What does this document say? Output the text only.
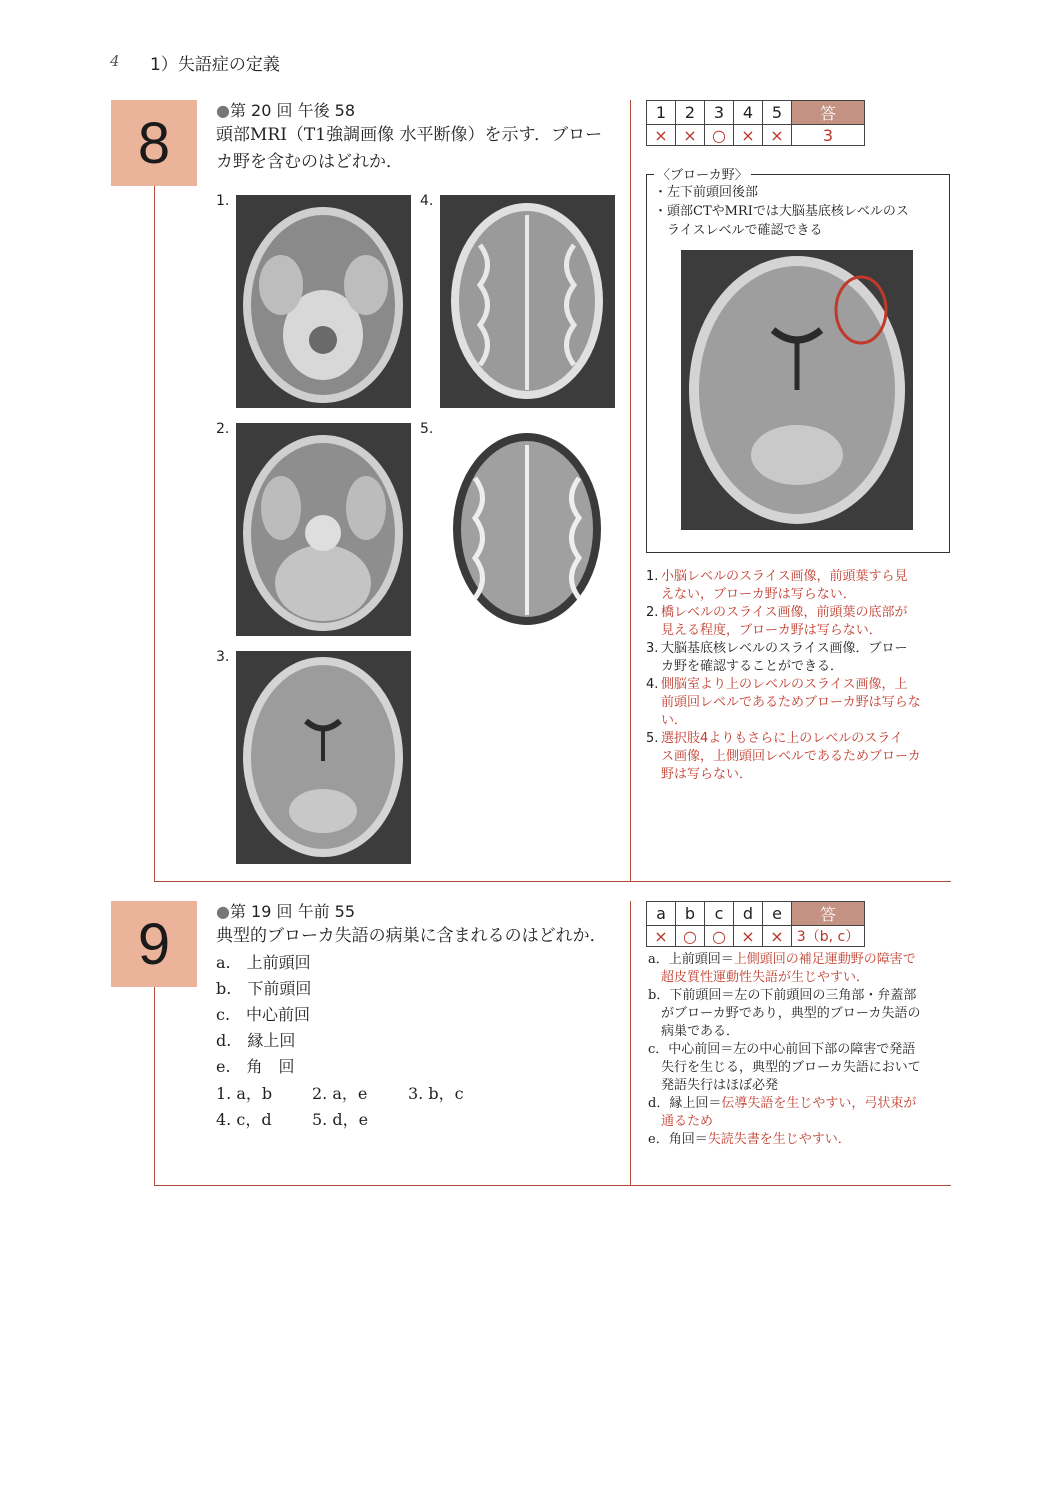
4 1）失語症の定義
8	●第 20 回 午後 58
頭部MRI（T1強調画像 水平断像）を示す．ブロー
カ野を含むのはどれか．
1.	4.
2.	5.
3.
1	2	3	4	5	答
×	×	○	×	×	3
〈ブローカ野〉
・左下前頭回後部
・頭部CTやMRIでは大脳基底核レベルのス
　ライスレベルで確認できる
1. 小脳レベルのスライス画像，前頭葉すら見
えない，ブローカ野は写らない．
2. 橋レベルのスライス画像，前頭葉の底部が
見える程度，ブローカ野は写らない．
3. 大脳基底核レベルのスライス画像．ブロー
カ野を確認することができる．
4. 側脳室より上のレベルのスライス画像，上
前頭回レベルであるためブローカ野は写らな
い．
5. 選択肢4よりもさらに上のレベルのスライ
ス画像，上側頭回レベルであるためブローカ
野は写らない．
9	●第 19 回 午前 55
典型的ブローカ失語の病巣に含まれるのはどれか．
a.　上前頭回
b.　下前頭回
c.　中心前回
d.　縁上回
e.　角　回
1. a，b	2. a，e	3. b，c
4. c，d	5. d，e
a	b	c	d	e	答
×	○	○	×	×	3（b, c）
a．上前頭回＝上側頭回の補足運動野の障害で
超皮質性運動性失語が生じやすい．
b．下前頭回＝左の下前頭回の三角部・弁蓋部
がブローカ野であり，典型的ブローカ失語の
病巣である．
c．中心前回＝左の中心前回下部の障害で発語
失行を生じる，典型的ブローカ失語において
発語失行はほぼ必発
d．縁上回＝伝導失語を生じやすい，弓状束が
通るため
e．角回＝失読失書を生じやすい．
